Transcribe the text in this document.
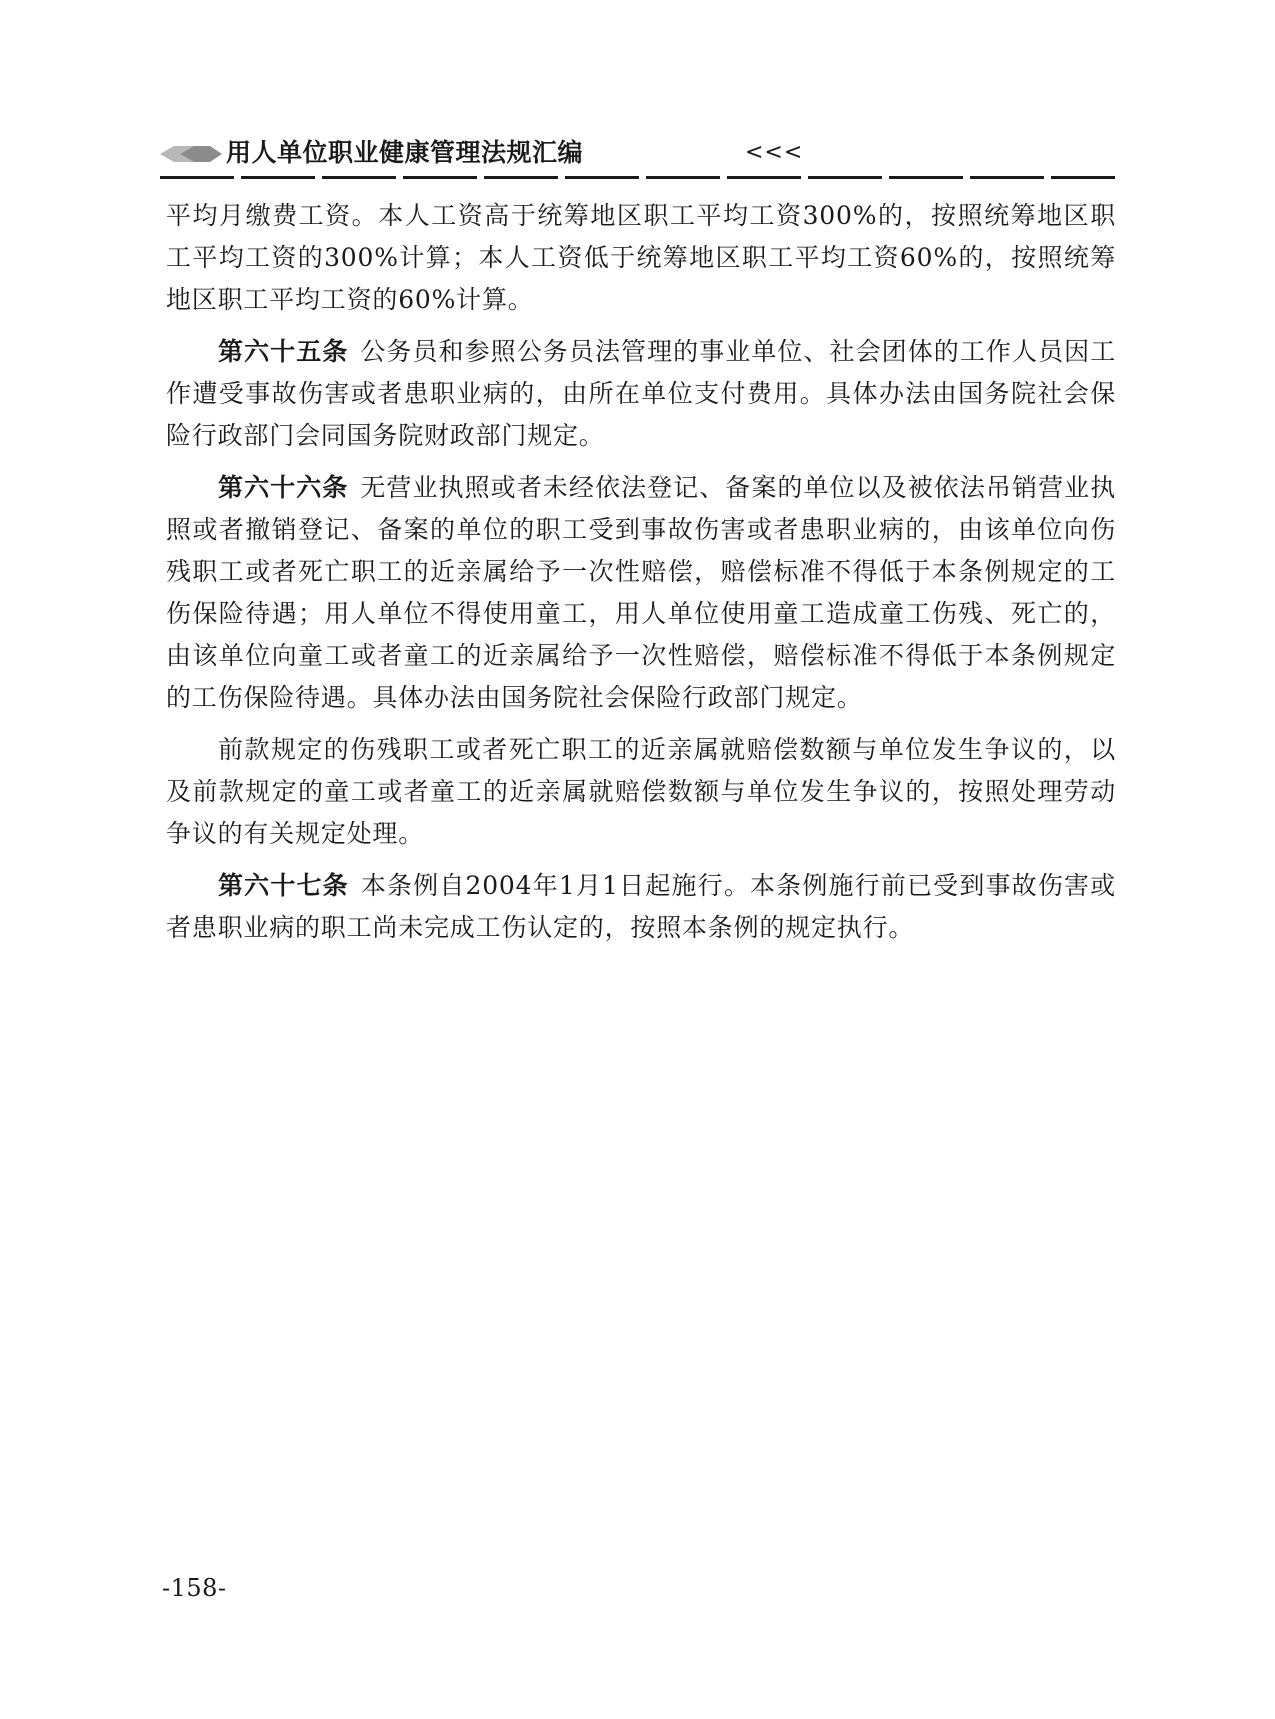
用人单位职业健康管理法规汇编	<<<

平均月缴费工资。本人工资高于统筹地区职工平均工资300%的，按照统筹地区职工平均工资的300%计算；本人工资低于统筹地区职工平均工资60%的，按照统筹地区职工平均工资的60%计算。

第六十五条 公务员和参照公务员法管理的事业单位、社会团体的工作人员因工作遭受事故伤害或者患职业病的，由所在单位支付费用。具体办法由国务院社会保险行政部门会同国务院财政部门规定。

第六十六条 无营业执照或者未经依法登记、备案的单位以及被依法吊销营业执照或者撤销登记、备案的单位的职工受到事故伤害或者患职业病的，由该单位向伤残职工或者死亡职工的近亲属给予一次性赔偿，赔偿标准不得低于本条例规定的工伤保险待遇；用人单位不得使用童工，用人单位使用童工造成童工伤残、死亡的，由该单位向童工或者童工的近亲属给予一次性赔偿，赔偿标准不得低于本条例规定的工伤保险待遇。具体办法由国务院社会保险行政部门规定。

前款规定的伤残职工或者死亡职工的近亲属就赔偿数额与单位发生争议的，以及前款规定的童工或者童工的近亲属就赔偿数额与单位发生争议的，按照处理劳动争议的有关规定处理。

第六十七条 本条例自2004年1月1日起施行。本条例施行前已受到事故伤害或者患职业病的职工尚未完成工伤认定的，按照本条例的规定执行。

-158-
